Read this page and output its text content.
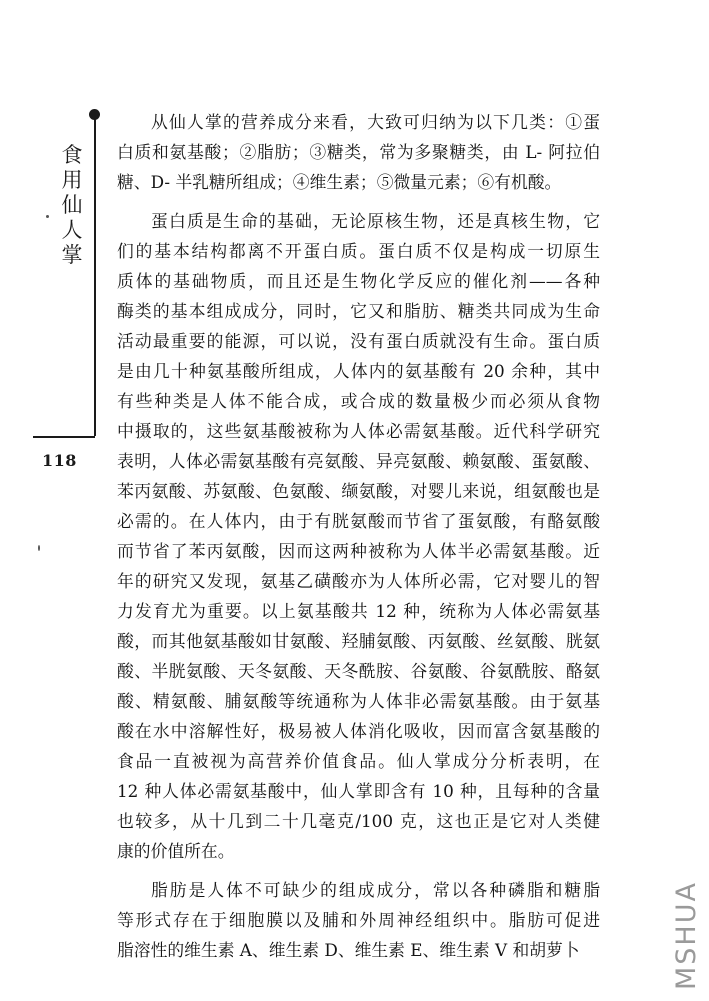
食
用
仙
人
掌
118
从仙人掌的营养成分来看，大致可归纳为以下几类：①蛋
白质和氨基酸；②脂肪；③糖类，常为多聚糖类，由 L- 阿拉伯
糖、D- 半乳糖所组成；④维生素；⑤微量元素；⑥有机酸。
蛋白质是生命的基础，无论原核生物，还是真核生物，它
们的基本结构都离不开蛋白质。蛋白质不仅是构成一切原生
质体的基础物质，而且还是生物化学反应的催化剂——各种
酶类的基本组成成分，同时，它又和脂肪、糖类共同成为生命
活动最重要的能源，可以说，没有蛋白质就没有生命。蛋白质
是由几十种氨基酸所组成，人体内的氨基酸有 20 余种，其中
有些种类是人体不能合成，或合成的数量极少而必须从食物
中摄取的，这些氨基酸被称为人体必需氨基酸。近代科学研究
表明，人体必需氨基酸有亮氨酸、异亮氨酸、赖氨酸、蛋氨酸、
苯丙氨酸、苏氨酸、色氨酸、缬氨酸，对婴儿来说，组氨酸也是
必需的。在人体内，由于有胱氨酸而节省了蛋氨酸，有酪氨酸
而节省了苯丙氨酸，因而这两种被称为人体半必需氨基酸。近
年的研究又发现，氨基乙磺酸亦为人体所必需，它对婴儿的智
力发育尤为重要。以上氨基酸共 12 种，统称为人体必需氨基
酸，而其他氨基酸如甘氨酸、羟脯氨酸、丙氨酸、丝氨酸、胱氨
酸、半胱氨酸、天冬氨酸、天冬酰胺、谷氨酸、谷氨酰胺、酪氨
酸、精氨酸、脯氨酸等统通称为人体非必需氨基酸。由于氨基
酸在水中溶解性好，极易被人体消化吸收，因而富含氨基酸的
食品一直被视为高营养价值食品。仙人掌成分分析表明，在
12 种人体必需氨基酸中，仙人掌即含有 10 种，且每种的含量
也较多，从十几到二十几毫克/100 克，这也正是它对人类健
康的价值所在。
脂肪是人体不可缺少的组成成分，常以各种磷脂和糖脂
等形式存在于细胞膜以及脯和外周神经组织中。脂肪可促进
脂溶性的维生素 A、维生素 D、维生素 E、维生素 V 和胡萝卜	MSHUA
